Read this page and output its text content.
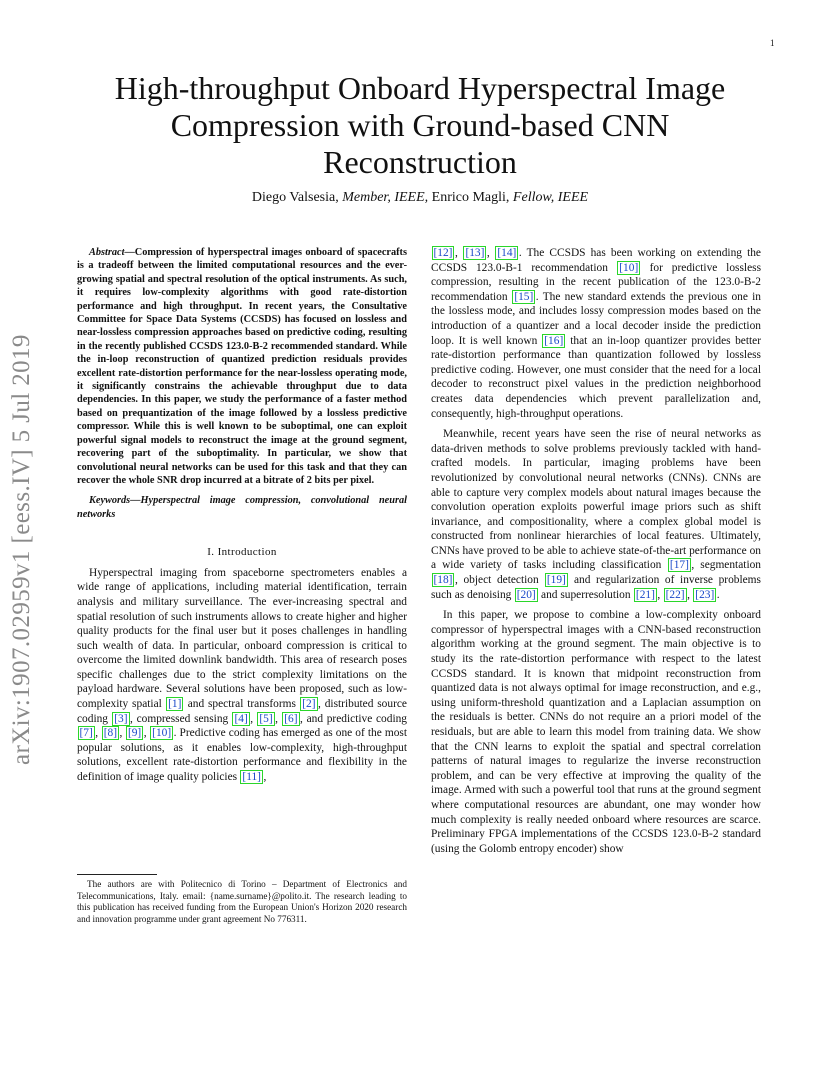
1
arXiv:1907.02959v1 [eess.IV] 5 Jul 2019
High-throughput Onboard Hyperspectral Image Compression with Ground-based CNN Reconstruction
Diego Valsesia, Member, IEEE, Enrico Magli, Fellow, IEEE

Abstract—Compression of hyperspectral images onboard of spacecrafts is a tradeoff between the limited computational resources and the ever-growing spatial and spectral resolution of the optical instruments. As such, it requires low-complexity algorithms with good rate-distortion performance and high throughput. In recent years, the Consultative Committee for Space Data Systems (CCSDS) has focused on lossless and near-lossless compression approaches based on predictive coding, resulting in the recently published CCSDS 123.0-B-2 recommended standard. While the in-loop reconstruction of quantized prediction residuals provides excellent rate-distortion performance for the near-lossless operating mode, it significantly constrains the achievable throughput due to data dependencies. In this paper, we study the performance of a faster method based on prequantization of the image followed by a lossless predictive compressor. While this is well known to be suboptimal, one can exploit powerful signal models to reconstruct the image at the ground segment, recovering part of the suboptimality. In particular, we show that convolutional neural networks can be used for this task and that they can recover the whole SNR drop incurred at a bitrate of 2 bits per pixel.

Keywords—Hyperspectral image compression, convolutional neural networks

I. Introduction

Hyperspectral imaging from spaceborne spectrometers enables a wide range of applications, including material identification, terrain analysis and military surveillance. The ever-increasing spectral and spatial resolution of such instruments allows to create higher and higher quality products for the final user but it poses challenges in handling such wealth of data. In particular, onboard compression is critical to overcome the limited downlink bandwidth. This area of research poses specific challenges due to the strict complexity limitations on the payload hardware. Several solutions have been proposed, such as low-complexity spatial [1] and spectral transforms [2] , distributed source coding [3] , compressed sensing [4] , [5] , [6] , and predictive coding [7] , [8] , [9] , [10] . Predictive coding has emerged as one of the most popular solutions, as it enables low-complexity, high-throughput solutions, excellent rate-distortion performance and flexibility in the definition of image quality policies [11] ,

The authors are with Politecnico di Torino – Department of Electronics and Telecommunications, Italy. email: {name.surname}@polito.it. The research leading to this publication has received funding from the European Union's Horizon 2020 research and innovation programme under grant agreement No 776311.

[12] , [13] , [14] . The CCSDS has been working on extending the CCSDS 123.0-B-1 recommendation [10] for predictive lossless compression, resulting in the recent publication of the 123.0-B-2 recommendation [15] . The new standard extends the previous one in the lossless mode, and includes lossy compression modes based on the introduction of a quantizer and a local decoder inside the prediction loop. It is well known [16] that an in-loop quantizer provides better rate-distortion performance than quantization followed by lossless predictive coding. However, one must consider that the need for a local decoder to reconstruct pixel values in the prediction neighborhood creates data dependencies which prevent parallelization and, consequently, high-throughput operations.

Meanwhile, recent years have seen the rise of neural networks as data-driven methods to solve problems previously tackled with hand-crafted models. In particular, imaging problems have been revolutionized by convolutional neural networks (CNNs). CNNs are able to capture very complex models about natural images because the convolution operation exploits powerful image priors such as shift invariance, and compositionality, where a complex global model is constructed from nonlinear hierarchies of local features. Ultimately, CNNs have proved to be able to achieve state-of-the-art performance on a wide variety of tasks including classification [17] , segmentation [18] , object detection [19] and regularization of inverse problems such as denoising [20] and superresolution [21] , [22] , [23] .

In this paper, we propose to combine a low-complexity onboard compressor of hyperspectral images with a CNN-based reconstruction algorithm working at the ground segment. The main objective is to study its the rate-distortion performance with respect to the latest CCSDS standard. It is known that midpoint reconstruction from quantized data is not always optimal for image reconstruction, and e.g., using uniform-threshold quantization and a Laplacian assumption on the residuals is better. CNNs do not require an a priori model of the residuals, but are able to learn this model from training data. We show that the CNN learns to exploit the spatial and spectral correlation patterns of natural images to regularize the inverse reconstruction problem, and can be very effective at improving the quality of the image. Armed with such a powerful tool that runs at the ground segment where computational resources are abundant, one may wonder how much complexity is really needed onboard where resources are scarce. Preliminary FPGA implementations of the CCSDS 123.0-B-2 standard (using the Golomb entropy encoder) show
